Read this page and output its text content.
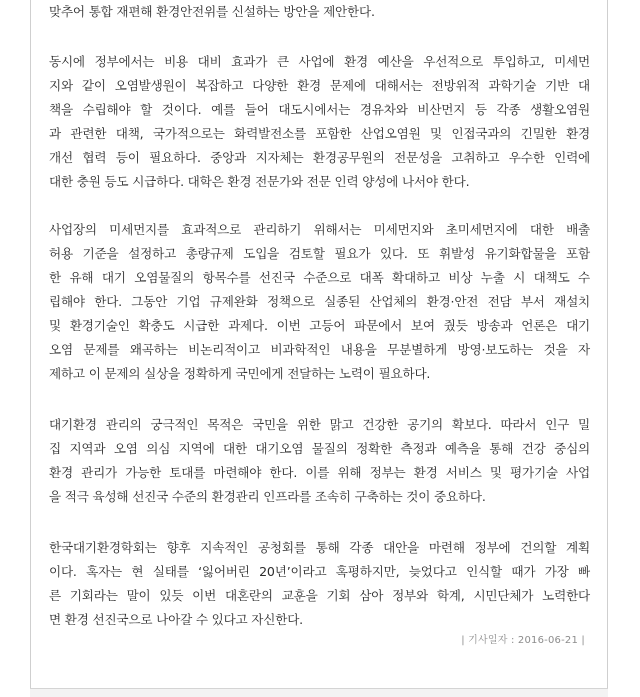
맞추어 통합 재편해 환경안전위를 신설하는 방안을 제안한다.
동시에 정부에서는 비용 대비 효과가 큰 사업에 환경 예산을 우선적으로 투입하고, 미세먼
지와 같이 오염발생원이 복잡하고 다양한 환경 문제에 대해서는 전방위적 과학기술 기반 대
책을 수립해야 할 것이다. 예를 들어 대도시에서는 경유차와 비산먼지 등 각종 생활오염원
과 관련한 대책, 국가적으로는 화력발전소를 포함한 산업오염원 및 인접국과의 긴밀한 환경
개선 협력 등이 필요하다. 중앙과 지자체는 환경공무원의 전문성을 고취하고 우수한 인력에
대한 충원 등도 시급하다. 대학은 환경 전문가와 전문 인력 양성에 나서야 한다.
사업장의 미세먼지를 효과적으로 관리하기 위해서는 미세먼지와 초미세먼지에 대한 배출
허용 기준을 설정하고 총량규제 도입을 검토할 필요가 있다. 또 휘발성 유기화합물을 포함
한 유해 대기 오염물질의 항목수를 선진국 수준으로 대폭 확대하고 비상 누출 시 대책도 수
립해야 한다. 그동안 기업 규제완화 정책으로 실종된 산업체의 환경·안전 전담 부서 재설치
및 환경기술인 확충도 시급한 과제다. 이번 고등어 파문에서 보여 줬듯 방송과 언론은 대기
오염 문제를 왜곡하는 비논리적이고 비과학적인 내용을 무분별하게 방영·보도하는 것을 자
제하고 이 문제의 실상을 정확하게 국민에게 전달하는 노력이 필요하다.
대기환경 관리의 궁극적인 목적은 국민을 위한 맑고 건강한 공기의 확보다. 따라서 인구 밀
집 지역과 오염 의심 지역에 대한 대기오염 물질의 정확한 측정과 예측을 통해 건강 중심의
환경 관리가 가능한 토대를 마련해야 한다. 이를 위해 정부는 환경 서비스 및 평가기술 사업
을 적극 육성해 선진국 수준의 환경관리 인프라를 조속히 구축하는 것이 중요하다.
한국대기환경학회는 향후 지속적인 공청회를 통해 각종 대안을 마련해 정부에 건의할 계획
이다. 혹자는 현 실태를 ‘잃어버린 20년’이라고 혹평하지만, 늦었다고 인식할 때가 가장 빠
른 기회라는 말이 있듯 이번 대혼란의 교훈을 기회 삼아 정부와 학계, 시민단체가 노력한다
면 환경 선진국으로 나아갈 수 있다고 자신한다.
| 기사일자 : 2016-06-21 |
